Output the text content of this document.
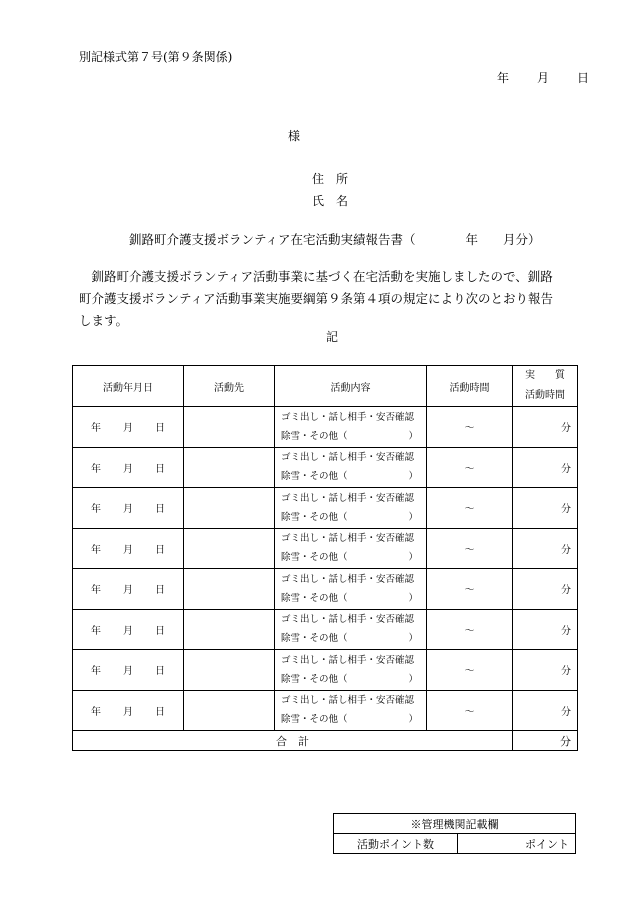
別記様式第７号(第９条関係)
年 月 日
様
住　所
氏　名
釧路町介護支援ボランティア在宅活動実績報告書（　　　　年　　月分）
釧路町介護支援ボランティア活動事業に基づく在宅活動を実施しましたので、釧路町介護支援ボランティア活動事業実施要綱第９条第４項の規定により次のとおり報告します。
記
活動年月日	活動先	活動内容	活動時間	実　　質
活動時間

年 月 日		ゴミ出し・話し相手・安否確認
除雪・その他（ ）	～	分
年 月 日		ゴミ出し・話し相手・安否確認
除雪・その他（ ）	～	分
年 月 日		ゴミ出し・話し相手・安否確認
除雪・その他（ ）	～	分
年 月 日		ゴミ出し・話し相手・安否確認
除雪・その他（ ）	～	分
年 月 日		ゴミ出し・話し相手・安否確認
除雪・その他（ ）	～	分
年 月 日		ゴミ出し・話し相手・安否確認
除雪・その他（ ）	～	分
年 月 日		ゴミ出し・話し相手・安否確認
除雪・その他（ ）	～	分
年 月 日		ゴミ出し・話し相手・安否確認
除雪・その他（ ）	～	分
合　計				分
※管理機関記載欄
活動ポイント数	ポイント
